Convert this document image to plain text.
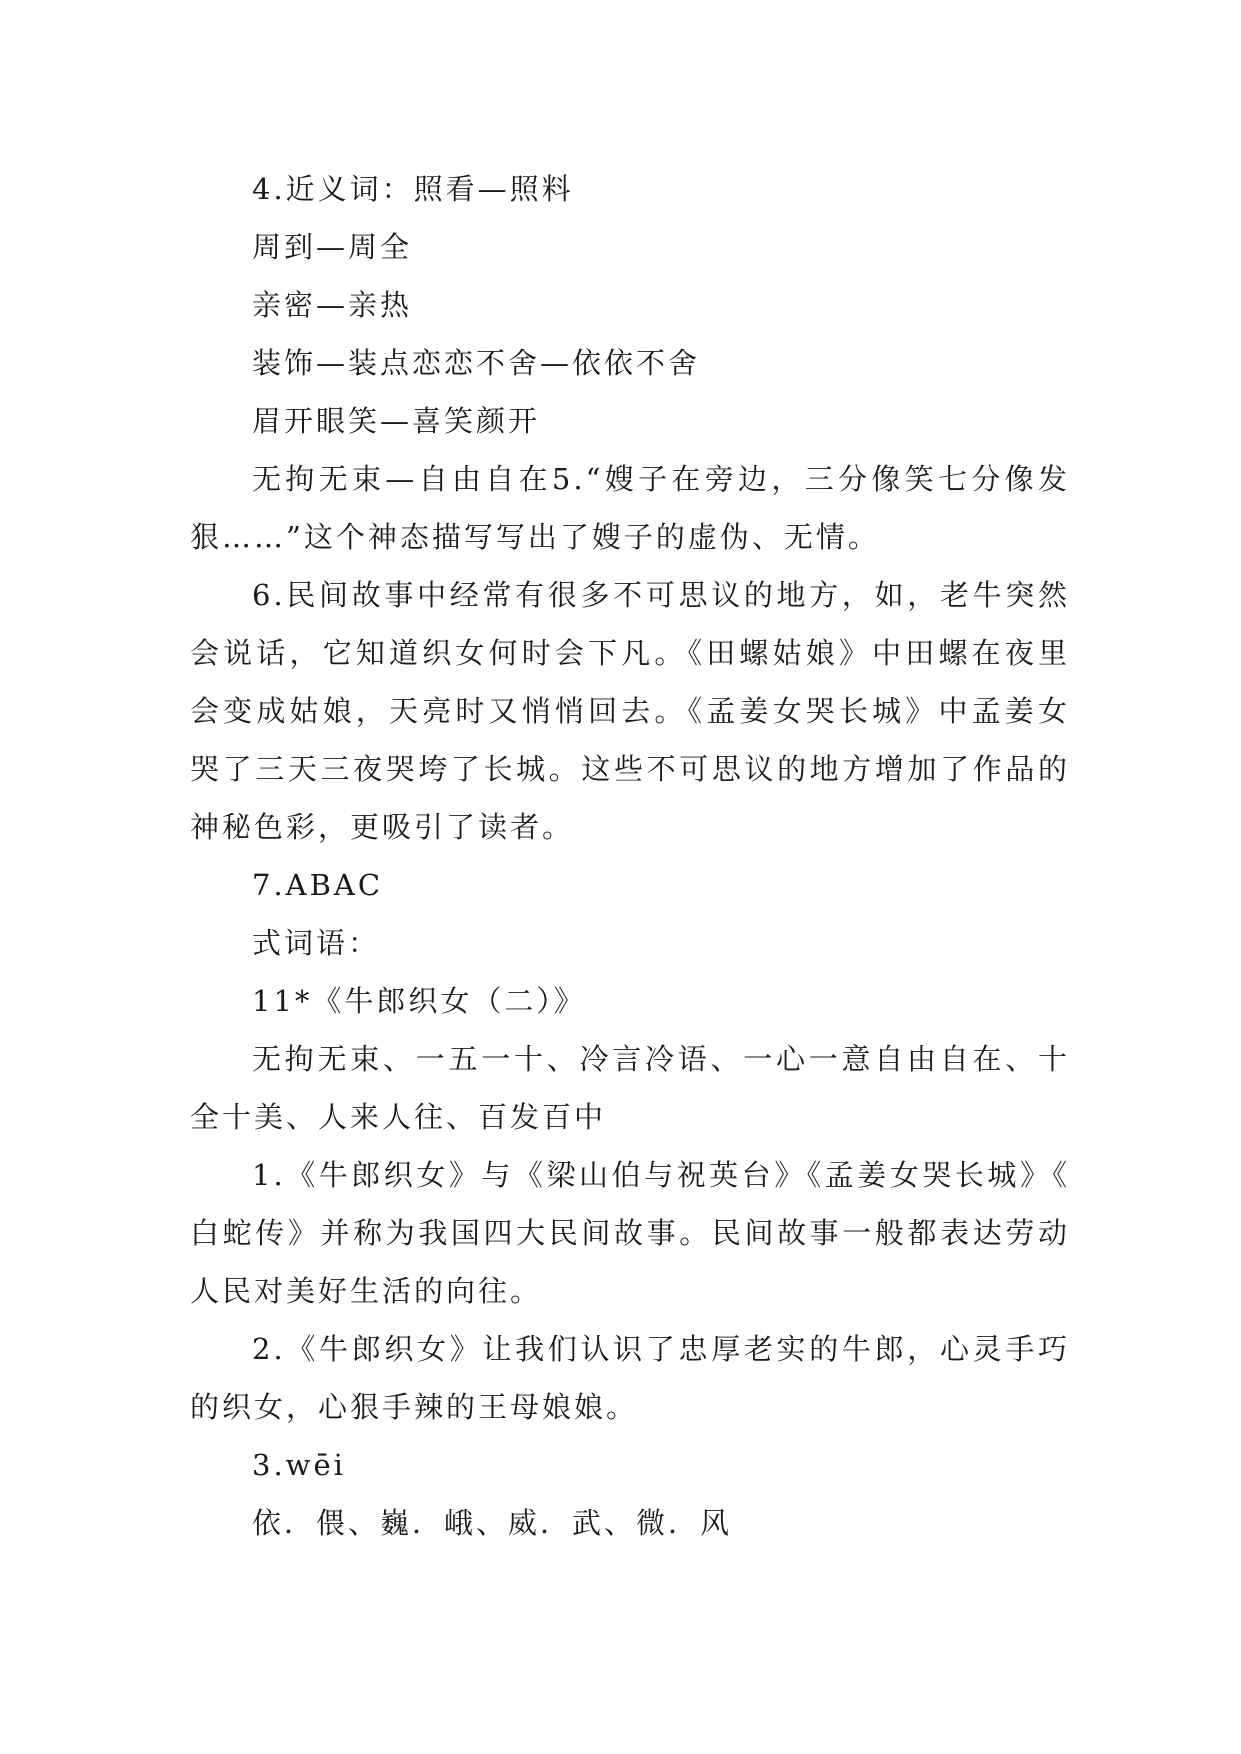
4.近义词：照看—照料
周到—周全
亲密—亲热
装饰—装点恋恋不舍—依依不舍
眉开眼笑—喜笑颜开

无拘无束—自由自在5.“嫂子在旁边，三分像笑七分像发狠……”这个神态描写写出了嫂子的虚伪、无情。

6.民间故事中经常有很多不可思议的地方，如，老牛突然会说话，它知道织女何时会下凡。《田螺姑娘》中田螺在夜里会变成姑娘，天亮时又悄悄回去。《孟姜女哭长城》中孟姜女哭了三天三夜哭垮了长城。这些不可思议的地方增加了作品的神秘色彩，更吸引了读者。

7.ABAC
式词语：
11*《牛郎织女（二）》

无拘无束、一五一十、冷言冷语、一心一意自由自在、十全十美、人来人往、百发百中

1.《牛郎织女》与《梁山伯与祝英台》《孟姜女哭长城》《白蛇传》并称为我国四大民间故事。民间故事一般都表达劳动人民对美好生活的向往。

2.《牛郎织女》让我们认识了忠厚老实的牛郎，心灵手巧的织女，心狠手辣的王母娘娘。

3.wēi
依．偎、巍．峨、威．武、微．风
